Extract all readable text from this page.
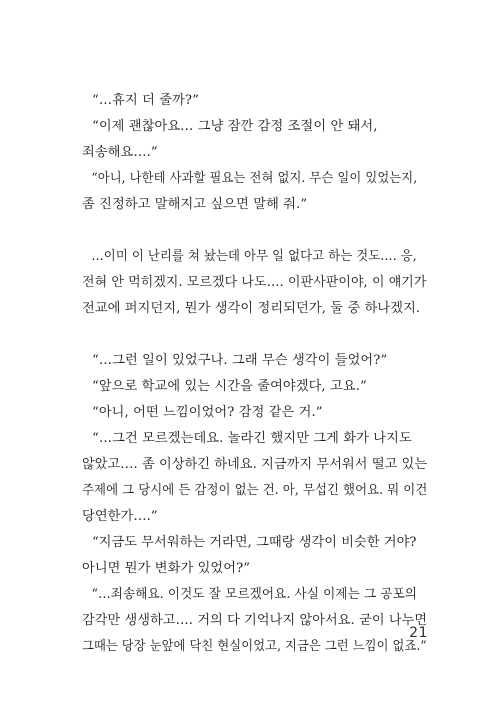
“…휴지 더 줄까?”

“이제 괜찮아요… 그냥 잠깐 감정 조절이 안 돼서,
죄송해요….”

“아니, 나한테 사과할 필요는 전혀 없지. 무슨 일이 있었는지,
좀 진정하고 말해지고 싶으면 말해 줘.”

…이미 이 난리를 쳐 놨는데 아무 일 없다고 하는 것도…. 응,
전혀 안 먹히겠지. 모르겠다 나도…. 이판사판이야, 이 얘기가
전교에 퍼지던지, 뭔가 생각이 정리되던가, 둘 중 하나겠지.

“…그런 일이 있었구나. 그래 무슨 생각이 들었어?”

“앞으로 학교에 있는 시간을 줄여야겠다, 고요.”

“아니, 어떤 느낌이었어? 감정 같은 거.”

“…그건 모르겠는데요. 놀라긴 했지만 그게 화가 나지도
않았고…. 좀 이상하긴 하네요. 지금까지 무서워서 떨고 있는
주제에 그 당시에 든 감정이 없는 건. 아, 무섭긴 했어요. 뭐 이건
당연한가….”

“지금도 무서워하는 거라면, 그때랑 생각이 비슷한 거야?
아니면 뭔가 변화가 있었어?”

“…죄송해요. 이것도 잘 모르겠어요. 사실 이제는 그 공포의
감각만 생생하고…. 거의 다 기억나지 않아서요. 굳이 나누면
그때는 당장 눈앞에 닥친 현실이었고, 지금은 그런 느낌이 없죠.”

21
